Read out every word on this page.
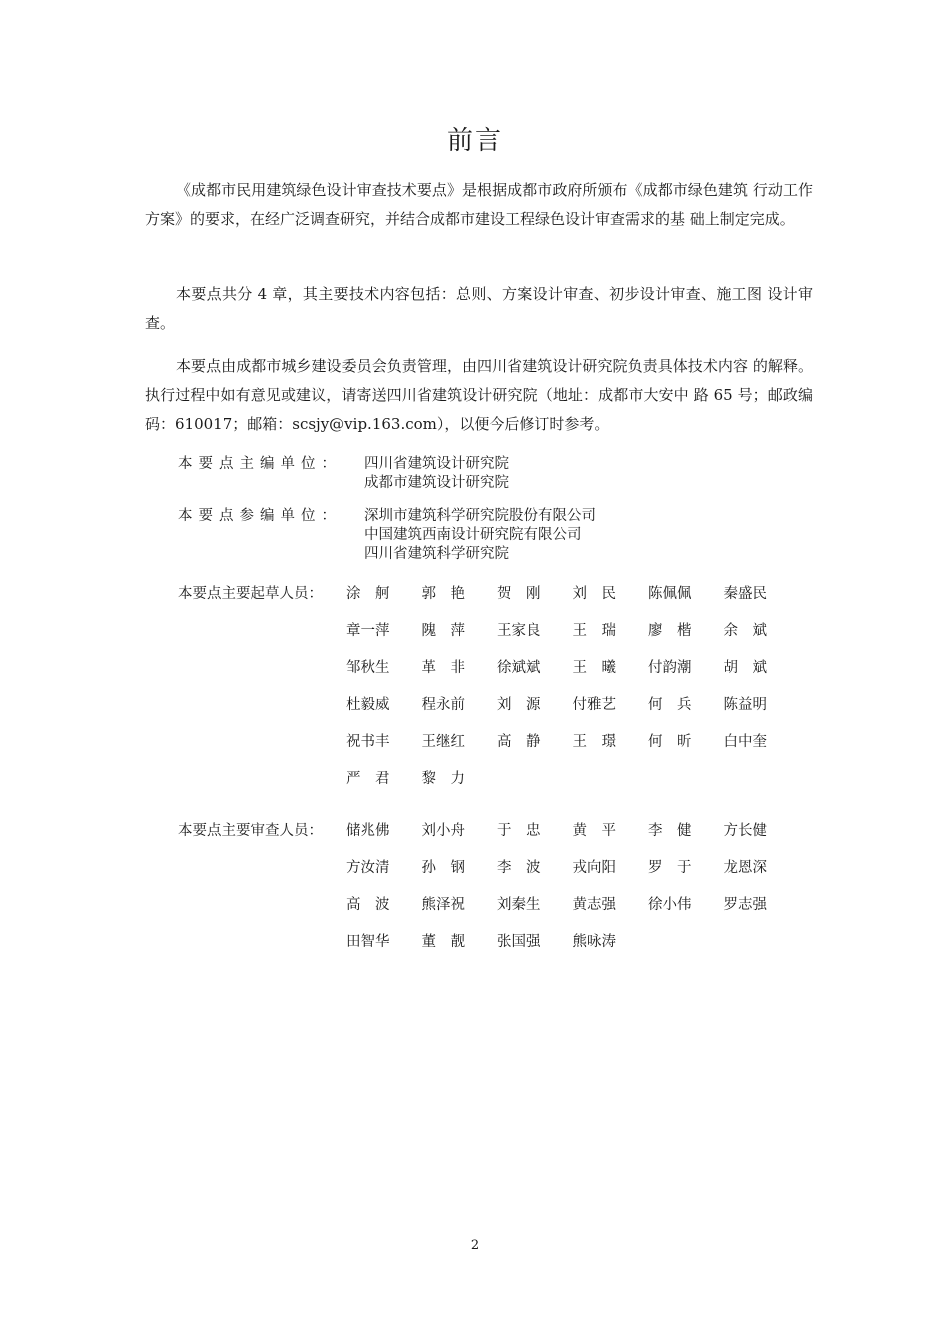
前言

《成都市民用建筑绿色设计审查技术要点》是根据成都市政府所颁布《成都市绿色建筑 行动工作方案》的要求，在经广泛调查研究，并结合成都市建设工程绿色设计审查需求的基 础上制定完成。

本要点共分 4 章，其主要技术内容包括：总则、方案设计审查、初步设计审查、施工图 设计审查。

本要点由成都市城乡建设委员会负责管理，由四川省建筑设计研究院负责具体技术内容 的解释。执行过程中如有意见或建议，请寄送四川省建筑设计研究院（地址：成都市大安中 路 65 号；邮政编码：610017；邮箱：scsjy@vip.163.com），以便今后修订时参考。

本要点主编单位： 四川省建筑设计研究院
成都市建筑设计研究院
本要点参编单位： 深圳市建筑科学研究院股份有限公司
中国建筑西南设计研究院有限公司
四川省建筑科学研究院
本要点主要起草人员： 涂　舸	郭　艳	贺　刚	刘　民	陈佩佩	秦盛民
章一萍	隗　萍	王家良	王　瑞	廖　楷	余　斌
邹秋生	革　非	徐斌斌	王　曦	付韵潮	胡　斌
杜毅威	程永前	刘　源	付雅艺	何　兵	陈益明
祝书丰	王继红	高　静	王　璟	何　昕	白中奎
严　君	黎　力
本要点主要审查人员： 储兆佛	刘小舟	于　忠	黄　平	李　健	方长健
方汝清	孙　钢	李　波	戎向阳	罗　于	龙恩深
高　波	熊泽祝	刘秦生	黄志强	徐小伟	罗志强
田智华	董　靓	张国强	熊咏涛
2
